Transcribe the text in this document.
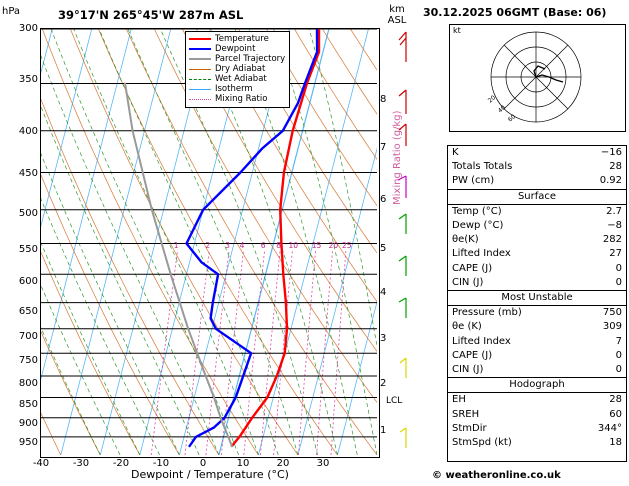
hPa	39°17'N 265°45'W 287m ASL	km
ASL
300
350
400
450
500
550
600
650
700
750
800
850
900
950
8
7
6
5
4
3
2
1
LCL
Mixing Ratio (g/kg)
-40	-30	-20	-10	0	10	20	30
Dewpoint / Temperature (°C)
1	2 3 4 6 8 10 15 20 25
Temperature
Dewpoint
Parcel Trajectory
Dry Adiabat
Wet Adiabat
Isotherm
Mixing Ratio
30.12.2025 06GMT (Base: 06)
kt
20
40
60
K	−16
Totals Totals	28
PW (cm)	0.92
Surface	
Temp (°C)	2.7
Dewp (°C)	−8
θe(K)	282
Lifted Index	27
CAPE (J)	0
CIN (J)	0
Most Unstable	
Pressure (mb)	750
θe (K)	309
Lifted Index	7
CAPE (J)	0
CIN (J)	0
Hodograph	
EH	28
SREH	60
StmDir	344°
StmSpd (kt)	18
© weatheronline.co.uk
